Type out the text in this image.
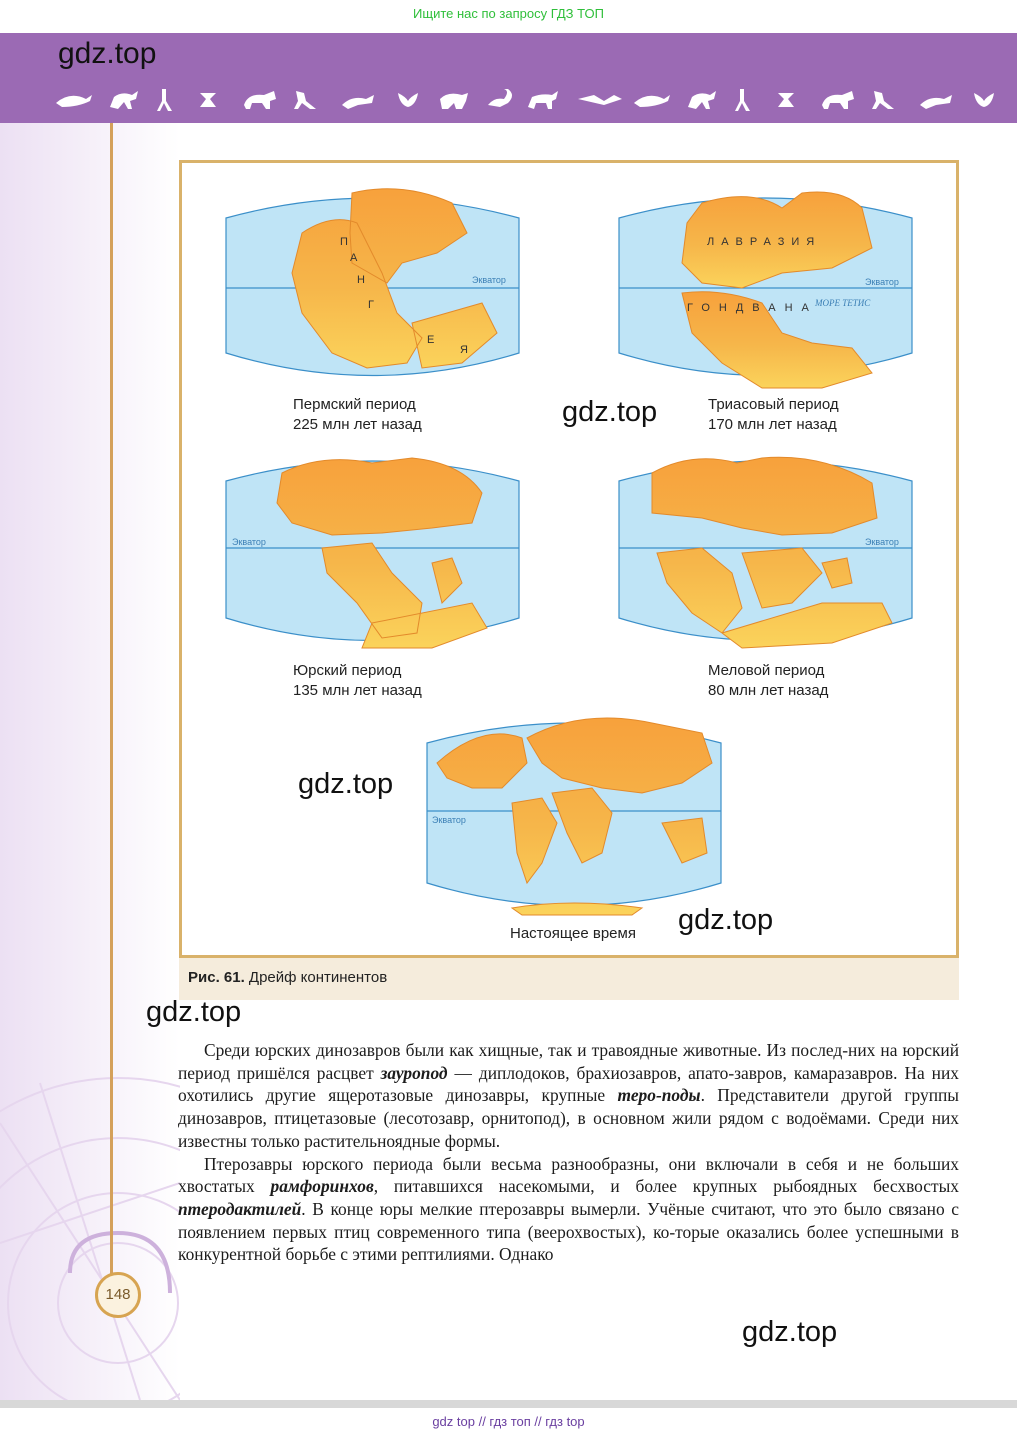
Ищите нас по запросу ГДЗ ТОП
gdz.top
Экватор
П
А
Н
Г
Е
Я
Пермский период
225 млн лет назад
Экватор
ЛАВРАЗИЯ
ГОНДВАНА
МОРЕ ТЕТИС
Триасовый период
170 млн лет назад
Экватор
Юрский период
135 млн лет назад
Экватор
Меловой период
80 млн лет назад
Экватор
Настоящее время

Рис. 61. Дрейф континентов

gdz.top
gdz.top
gdz.top
gdz.top
gdz.top

Среди юрских динозавров были как хищные, так и травоядные животные. Из послед-них на юрский период пришёлся расцвет зауропод — диплодоков, брахиозавров, апато-завров, камаразавров. На них охотились другие ящеротазовые динозавры, крупные теро-поды. Представители другой группы динозавров, птицетазовые (лесотозавр, орнитопод), в основном жили рядом с водоёмами. Среди них известны только растительноядные формы.

Птерозавры юрского периода были весьма разнообразны, они включали в себя и не больших хвостатых рамфоринхов, питавшихся насекомыми, и более крупных рыбоядных бесхвостых птеродактилей. В конце юры мелкие птерозавры вымерли. Учёные считают, что это было связано с появлением первых птиц современного типа (веерохвостых), ко-торые оказались более успешными в конкурентной борьбе с этими рептилиями. Однако

148
gdz top // гдз топ // гдз top
